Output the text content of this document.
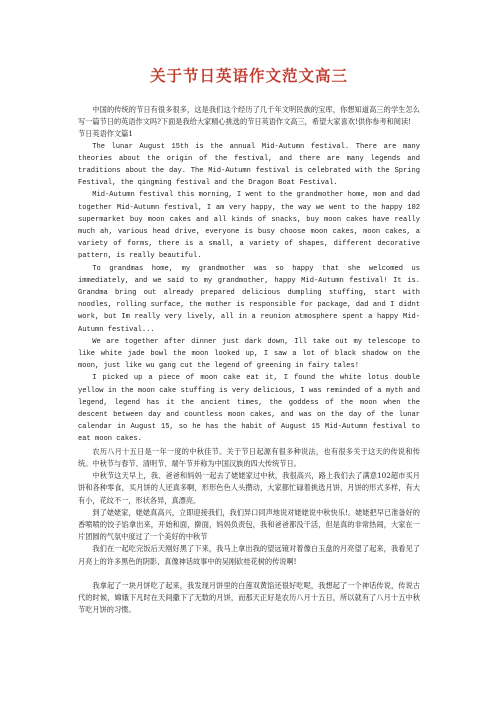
关于节日英语作文范文高三

中国的传统的节日有很多很多，这是我们这个经历了几千年文明民族的宝库，你想知道高三的学生怎么写一篇节日的英语作文吗?下面是我给大家精心挑选的节日英语作文高三，希望大家喜欢!供你参考和阅读!

节日英语作文篇1

The lunar August 15th is the annual Mid-Autumn festival. There are many theories about the origin of the festival, and there are many legends and traditions about the day. The Mid-Autumn festival is celebrated with the Spring Festival, the qingming festival and the Dragon Boat Festival.

Mid-Autumn festival this morning, I went to the grandmother home, mom and dad together Mid-Autumn festival, I am very happy, the way we went to the happy 102 supermarket buy moon cakes and all kinds of snacks, buy moon cakes have really much ah, various head drive, everyone is busy choose moon cakes, moon cakes, a variety of forms, there is a small, a variety of shapes, different decorative pattern, is really beautiful.

To grandmas home, my grandmother was so happy that she welcomed us immediately, and we said to my grandmother, happy Mid-Autumn festival! It is. Grandma bring out already prepared delicious dumpling stuffing, start with noodles, rolling surface, the mother is responsible for package, dad and I didnt work, but Im really very lively, all in a reunion atmosphere spent a happy Mid-Autumn festival...

We are together after dinner just dark down, Ill take out my telescope to like white jade bowl the moon looked up, I saw a lot of black shadow on the moon, just like wu gang cut the legend of greening in fairy tales!

I picked up a piece of moon cake eat it, I found the white lotus double yellow in the moon cake stuffing is very delicious, I was reminded of a myth and legend, legend has it the ancient times, the goddess of the moon when the descent between day and countless moon cakes, and was on the day of the lunar calendar in August 15, so he has the habit of August 15 Mid-Autumn festival to eat moon cakes.

农历八月十五日是一年一度的中秋佳节。关于节日起源有很多种说法，也有很多关于这天的传说和传统。中秋节与春节、清明节、端午节并称为中国汉族的四大传统节日。

中秋节这天早上，我、爸爸和妈妈一起去了姥姥家过中秋，我很高兴，路上我们去了满意102超市买月饼和各种零食，买月饼的人还真多啊，形形色色人头攒动，大家都忙碌着挑选月饼，月饼的形式多样，有大有小，花纹不一，形状各异，真漂亮。

到了姥姥家，姥姥真高兴，立即迎接我们，我们异口同声地说对姥姥说中秋快乐!。姥姥把早已准备好的香喷喷的饺子馅拿出来，开始和面，擀面，妈妈负责包，我和爸爸都没干活，但是真的非常热闹，大家在一片团圆的气氛中度过了一个美好的中秋节

我们在一起吃完饭后天刚好黑了下来，我马上拿出我的望远镜对着像白玉盘的月亮望了起来，我看见了月亮上的许多黑色的阴影，真像神话故事中的吴刚砍桂花树的传说啊!

我拿起了一块月饼吃了起来，我发现月饼里的白莲双黄馅还很好吃呢，我想起了一个神话传说，传说古代的时候，嫦娥下凡时在天间撒下了无数的月饼，而那天正好是农历八月十五日，所以就有了八月十五中秋节吃月饼的习惯。
